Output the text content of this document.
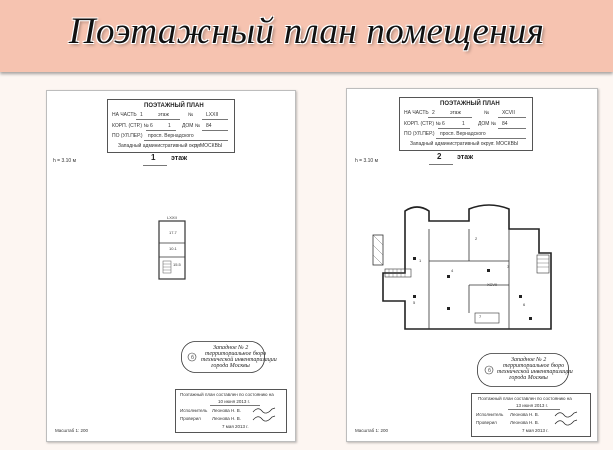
Поэтажный план помещения
ПОЭТАЖНЫЙ ПЛАН
НА ЧАСТЬ 1	этаж	№	LXXII
КОРП. (СТР.) № 6	1 ДОМ № 84
ПО (УЛ.ПЕР.) просп. Вернадского
Западный административный округ
г. МОСКВЫ
h = 3.10 м	1 этаж
LXXII
17.7
10.1
15.5
б
Западное № 2
территориальное бюро
технической инвентаризации
города Москвы
Поэтажный план составлен по состоянию на
10 июня 2013 г.
Исполнитель Леонова Н. В.
Проверил	Леонова Н. В.
7 мая 2013 г.
Масштаб 1: 200
ПОЭТАЖНЫЙ ПЛАН
НА ЧАСТЬ 2	этаж	№	ХСVII
КОРП. (СТР.) № 6	1	ДОМ № 84
ПО (УЛ.ПЕР.) просп. Вернадского
Западный административный округ г. МОСКВЫ
h = 3.10 м	2 этаж
ХСVII
1
2
3
4
5	6
7
б
Западное № 2
территориальное бюро
технической инвентаризации
города Москвы
Поэтажный план составлен по состоянию на
13 июня 2013 г.
Исполнитель Леонова Н. В.
Проверил	Леонова Н. В.
7 мая 2013 г.
Масштаб 1: 200
